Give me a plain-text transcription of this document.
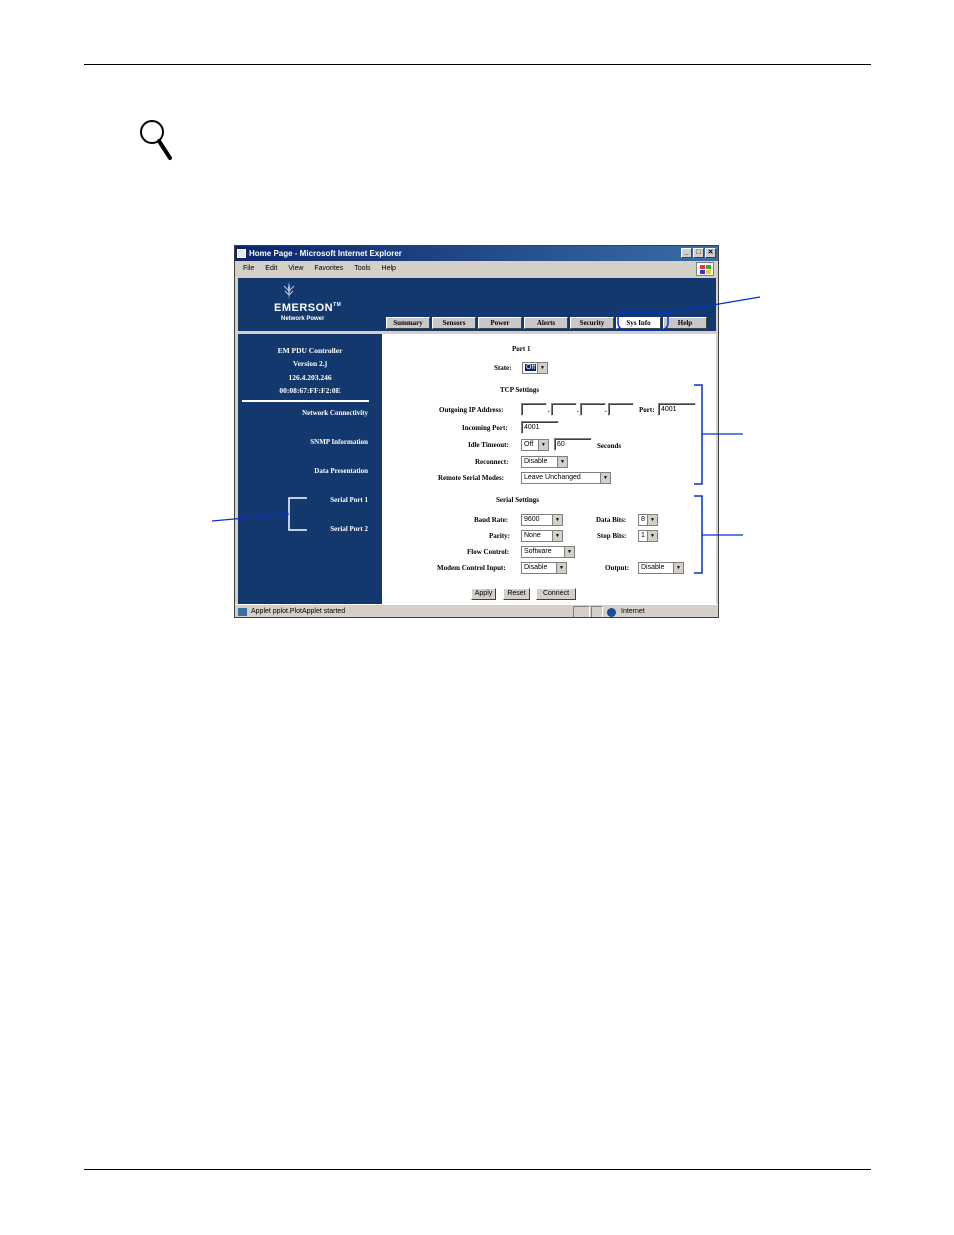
Home Page - Microsoft Internet Explorer	_	□ ✕
File Edit View Favorites Tools Help
EMERSON™
Network Power	Summary	Sensors	Power	Alerts	Security	Sys Info	Help
EM PDU Controller
Version 2.j
126.4.203.246
00:08:67:FF:F2:0E
Network Connectivity
SNMP Information
Data Presentation
Serial Port 1
Serial Port 2
Port 1
State:	Off ▼
TCP Settings
Outgoing IP Address:	.	.	.	Port: 4001
Incoming Port:	4001
Idle Timeout:	Off	▼	60	Seconds
Reconnect:	Disable	▼
Remote Serial Modes:	Leave Unchanged	▼
Serial Settings
Baud Rate:	9600	▼	Data Bits:	8	▼
Parity:	None	▼	Stop Bits:	1	▼
Flow Control:	Software	▼
Modem Control Input:	Disable	▼	Output:	Disable	▼
Apply	Reset	Connect
Applet pplot.PlotApplet started	Internet
